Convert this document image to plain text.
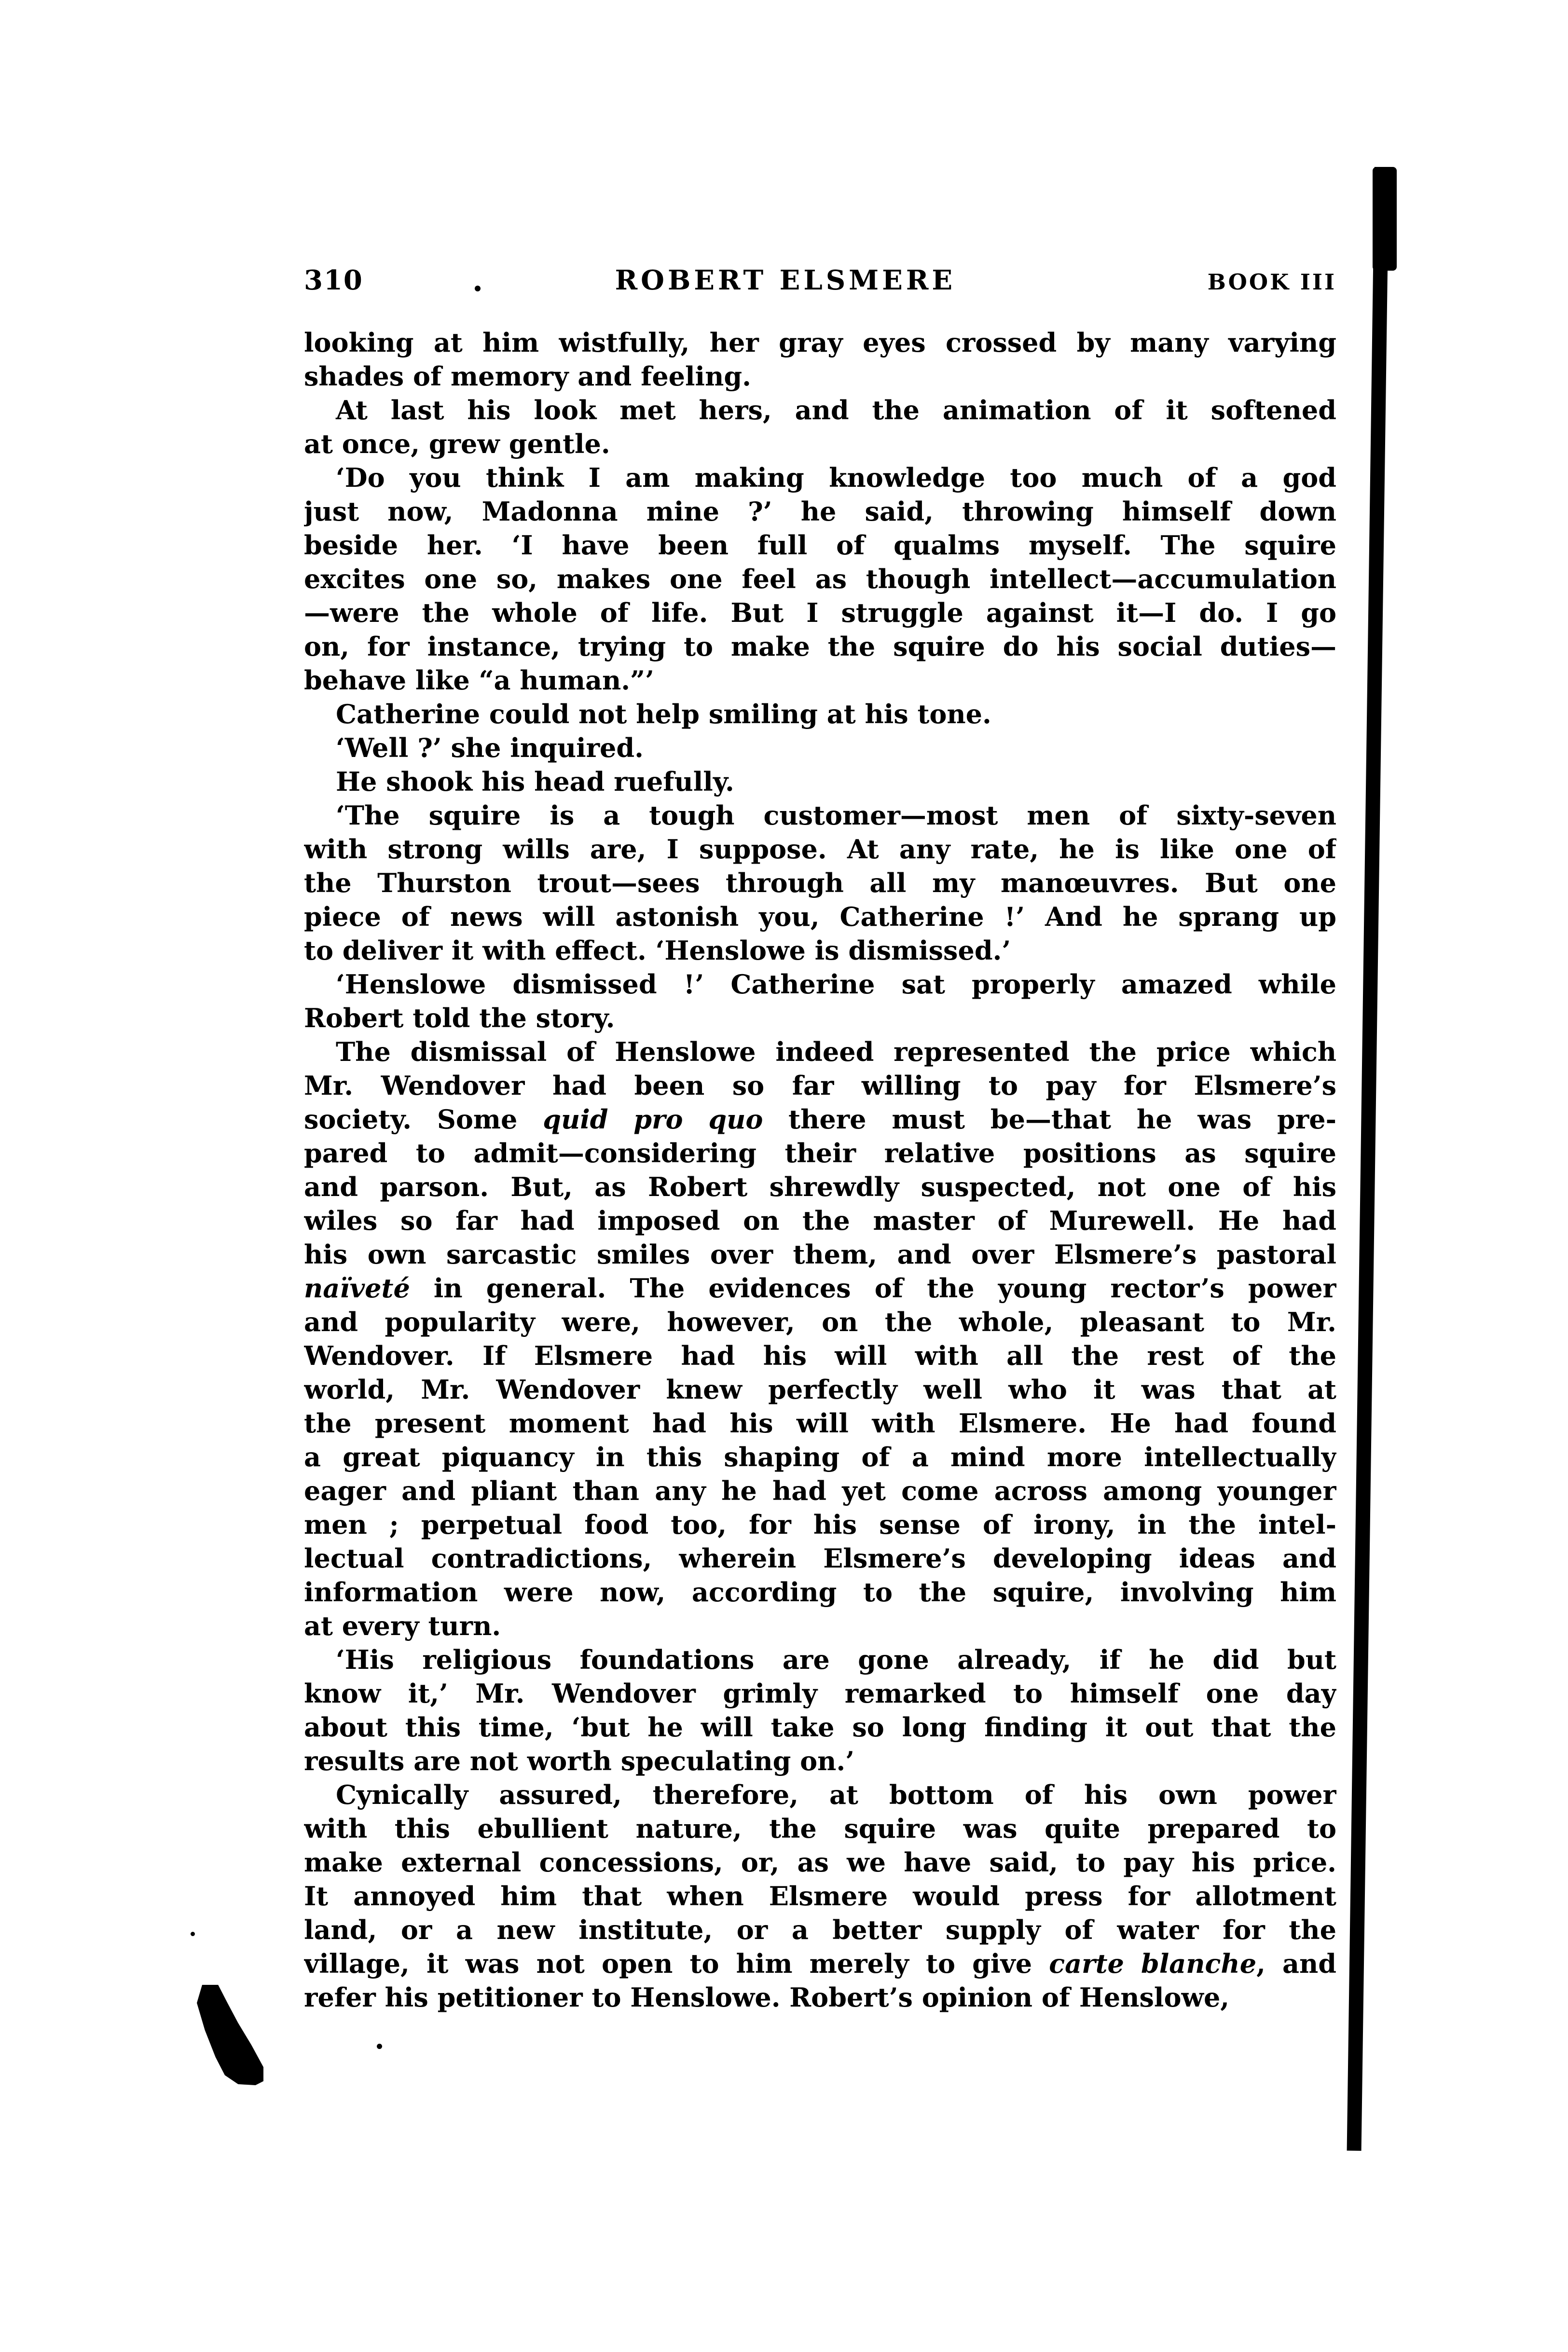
310	ROBERT ELSMERE	BOOK III
looking at him wistfully, her gray eyes crossed by many varying
shades of memory and feeling.
At last his look met hers, and the animation of it softened
at once, grew gentle.
‘Do you think I am making knowledge too much of a god
just now, Madonna mine ?’ he said, throwing himself down
beside her. ‘I have been full of qualms myself. The squire
excites one so, makes one feel as though intellect—accumulation
—were the whole of life. But I struggle against it—I do. I go
on, for instance, trying to make the squire do his social duties—
behave like “a human.”’
Catherine could not help smiling at his tone.
‘Well ?’ she inquired.
He shook his head ruefully.
‘The squire is a tough customer—most men of sixty-seven
with strong wills are, I suppose. At any rate, he is like one of
the Thurston trout—sees through all my manœuvres. But one
piece of news will astonish you, Catherine !’ And he sprang up
to deliver it with effect. ‘Henslowe is dismissed.’
‘Henslowe dismissed !’ Catherine sat properly amazed while
Robert told the story.
The dismissal of Henslowe indeed represented the price which
Mr. Wendover had been so far willing to pay for Elsmere’s
society. Some quid pro quo there must be—that he was pre-
pared to admit—considering their relative positions as squire
and parson. But, as Robert shrewdly suspected, not one of his
wiles so far had imposed on the master of Murewell. He had
his own sarcastic smiles over them, and over Elsmere’s pastoral
naïveté in general. The evidences of the young rector’s power
and popularity were, however, on the whole, pleasant to Mr.
Wendover. If Elsmere had his will with all the rest of the
world, Mr. Wendover knew perfectly well who it was that at
the present moment had his will with Elsmere. He had found
a great piquancy in this shaping of a mind more intellectually
eager and pliant than any he had yet come across among younger
men ; perpetual food too, for his sense of irony, in the intel-
lectual contradictions, wherein Elsmere’s developing ideas and
information were now, according to the squire, involving him
at every turn.
‘His religious foundations are gone already, if he did but
know it,’ Mr. Wendover grimly remarked to himself one day
about this time, ‘but he will take so long finding it out that the
results are not worth speculating on.’
Cynically assured, therefore, at bottom of his own power
with this ebullient nature, the squire was quite prepared to
make external concessions, or, as we have said, to pay his price.
It annoyed him that when Elsmere would press for allotment
land, or a new institute, or a better supply of water for the
village, it was not open to him merely to give carte blanche, and
refer his petitioner to Henslowe. Robert’s opinion of Henslowe,
